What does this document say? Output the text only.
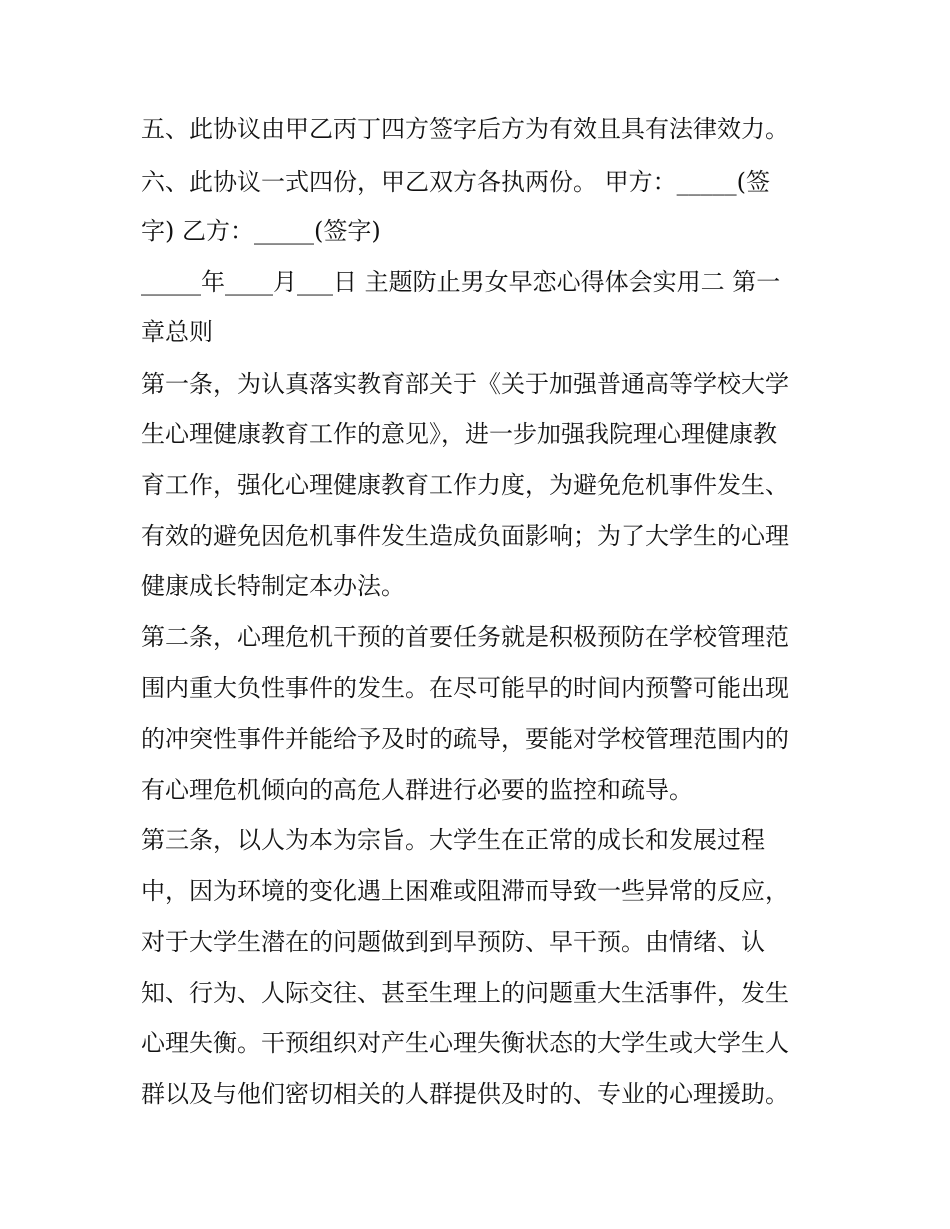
五、此协议由甲乙丙丁四方签字后方为有效且具有法律效力。
六、此协议一式四份，甲乙双方各执两份。 甲方：_____(签
字) 乙方：_____(签字)
_____年____月___日 主题防止男女早恋心得体会实用二 第一
章总则
第一条，为认真落实教育部关于《关于加强普通高等学校大学
生心理健康教育工作的意见》，进一步加强我院理心理健康教
育工作，强化心理健康教育工作力度，为避免危机事件发生、
有效的避免因危机事件发生造成负面影响；为了大学生的心理
健康成长特制定本办法。
第二条，心理危机干预的首要任务就是积极预防在学校管理范
围内重大负性事件的发生。在尽可能早的时间内预警可能出现
的冲突性事件并能给予及时的疏导，要能对学校管理范围内的
有心理危机倾向的高危人群进行必要的监控和疏导。
第三条，以人为本为宗旨。大学生在正常的成长和发展过程
中，因为环境的变化遇上困难或阻滞而导致一些异常的反应，
对于大学生潜在的问题做到到早预防、早干预。由情绪、认
知、行为、人际交往、甚至生理上的问题重大生活事件，发生
心理失衡。干预组织对产生心理失衡状态的大学生或大学生人
群以及与他们密切相关的人群提供及时的、专业的心理援助。
